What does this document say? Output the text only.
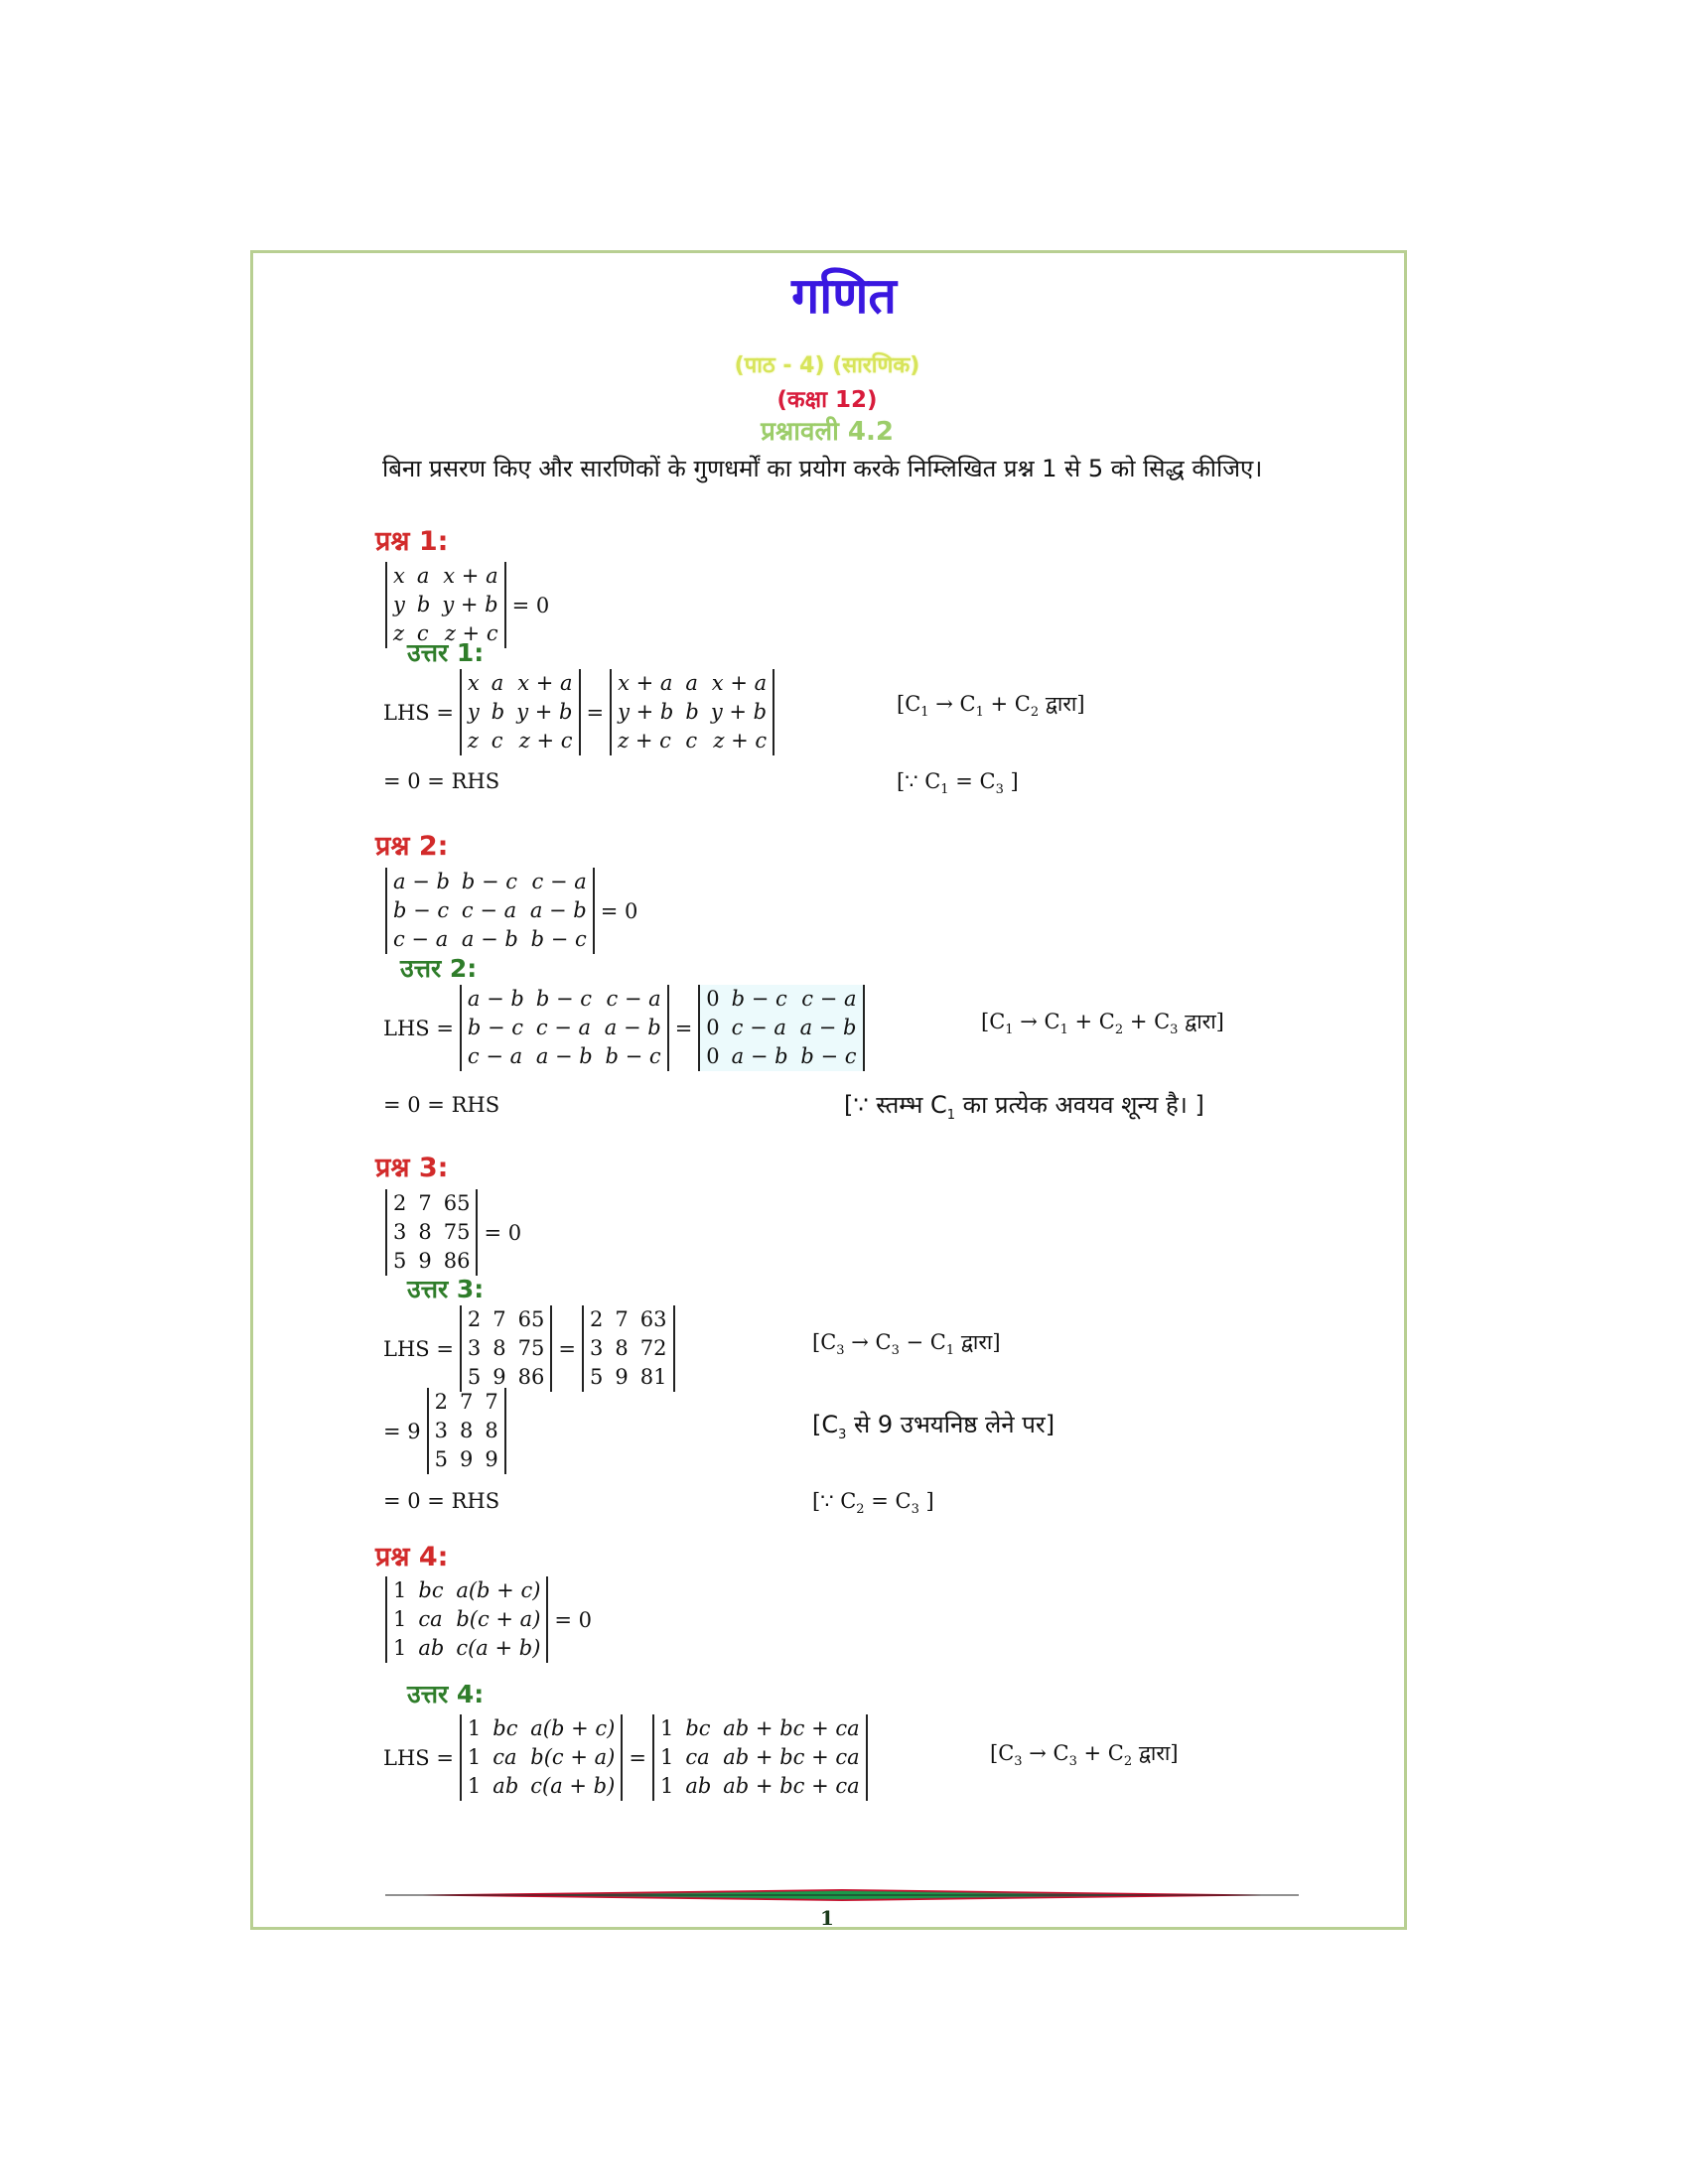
गणित
(पाठ - 4) (सारणिक)
(कक्षा 12)
प्रश्नावली 4.2
बिना प्रसरण किए और सारणिकों के गुणधर्मों का प्रयोग करके निम्लिखित प्रश्न 1 से 5 को सिद्ध कीजिए।
प्रश्न 1:
x	a	x + a
y	b	y + b
z	c	z + c
= 0
उत्तर 1:
LHS =
x	a	x + a
y	b	y + b
z	c	z + c
=
x + a	a	x + a
y + b	b	y + b
z + c	c	z + c
[$C_1 \to C_1 + C_2$ द्वारा]
= 0 = RHS	[∵ $C_1 = C_3$ ]
प्रश्न 2:
a − b	b − c	c − a
b − c	c − a	a − b
c − a	a − b	b − c
= 0
उत्तर 2:
LHS =
a − b	b − c	c − a
b − c	c − a	a − b
c − a	a − b	b − c
=
0	b − c	c − a
0	c − a	a − b
0	a − b	b − c
[$C_1 \to C_1 + C_2 + C_3$ द्वारा]
= 0 = RHS	[∵ स्तम्भ $C_1$ का प्रत्येक अवयव शून्य है। ]
प्रश्न 3:
2	7	65
3	8	75
5	9	86
= 0
उत्तर 3:
LHS =
2	7	65
3	8	75
5	9	86
=
2	7	63
3	8	72
5	9	81
[$C_3 \to C_3 - C_1$ द्वारा]
= 9
2	7	7
3	8	8
5	9	9
[$C_3$ से 9 उभयनिष्ठ लेने पर]
= 0 = RHS	[∵ $C_2 = C_3$ ]
प्रश्न 4:
1	bc	a(b + c)
1	ca	b(c + a)
1	ab	c(a + b)
= 0
उत्तर 4:
LHS =
1	bc	a(b + c)
1	ca	b(c + a)
1	ab	c(a + b)
=
1	bc	ab + bc + ca
1	ca	ab + bc + ca
1	ab	ab + bc + ca
[$C_3 \to C_3 + C_2$ द्वारा]
1
